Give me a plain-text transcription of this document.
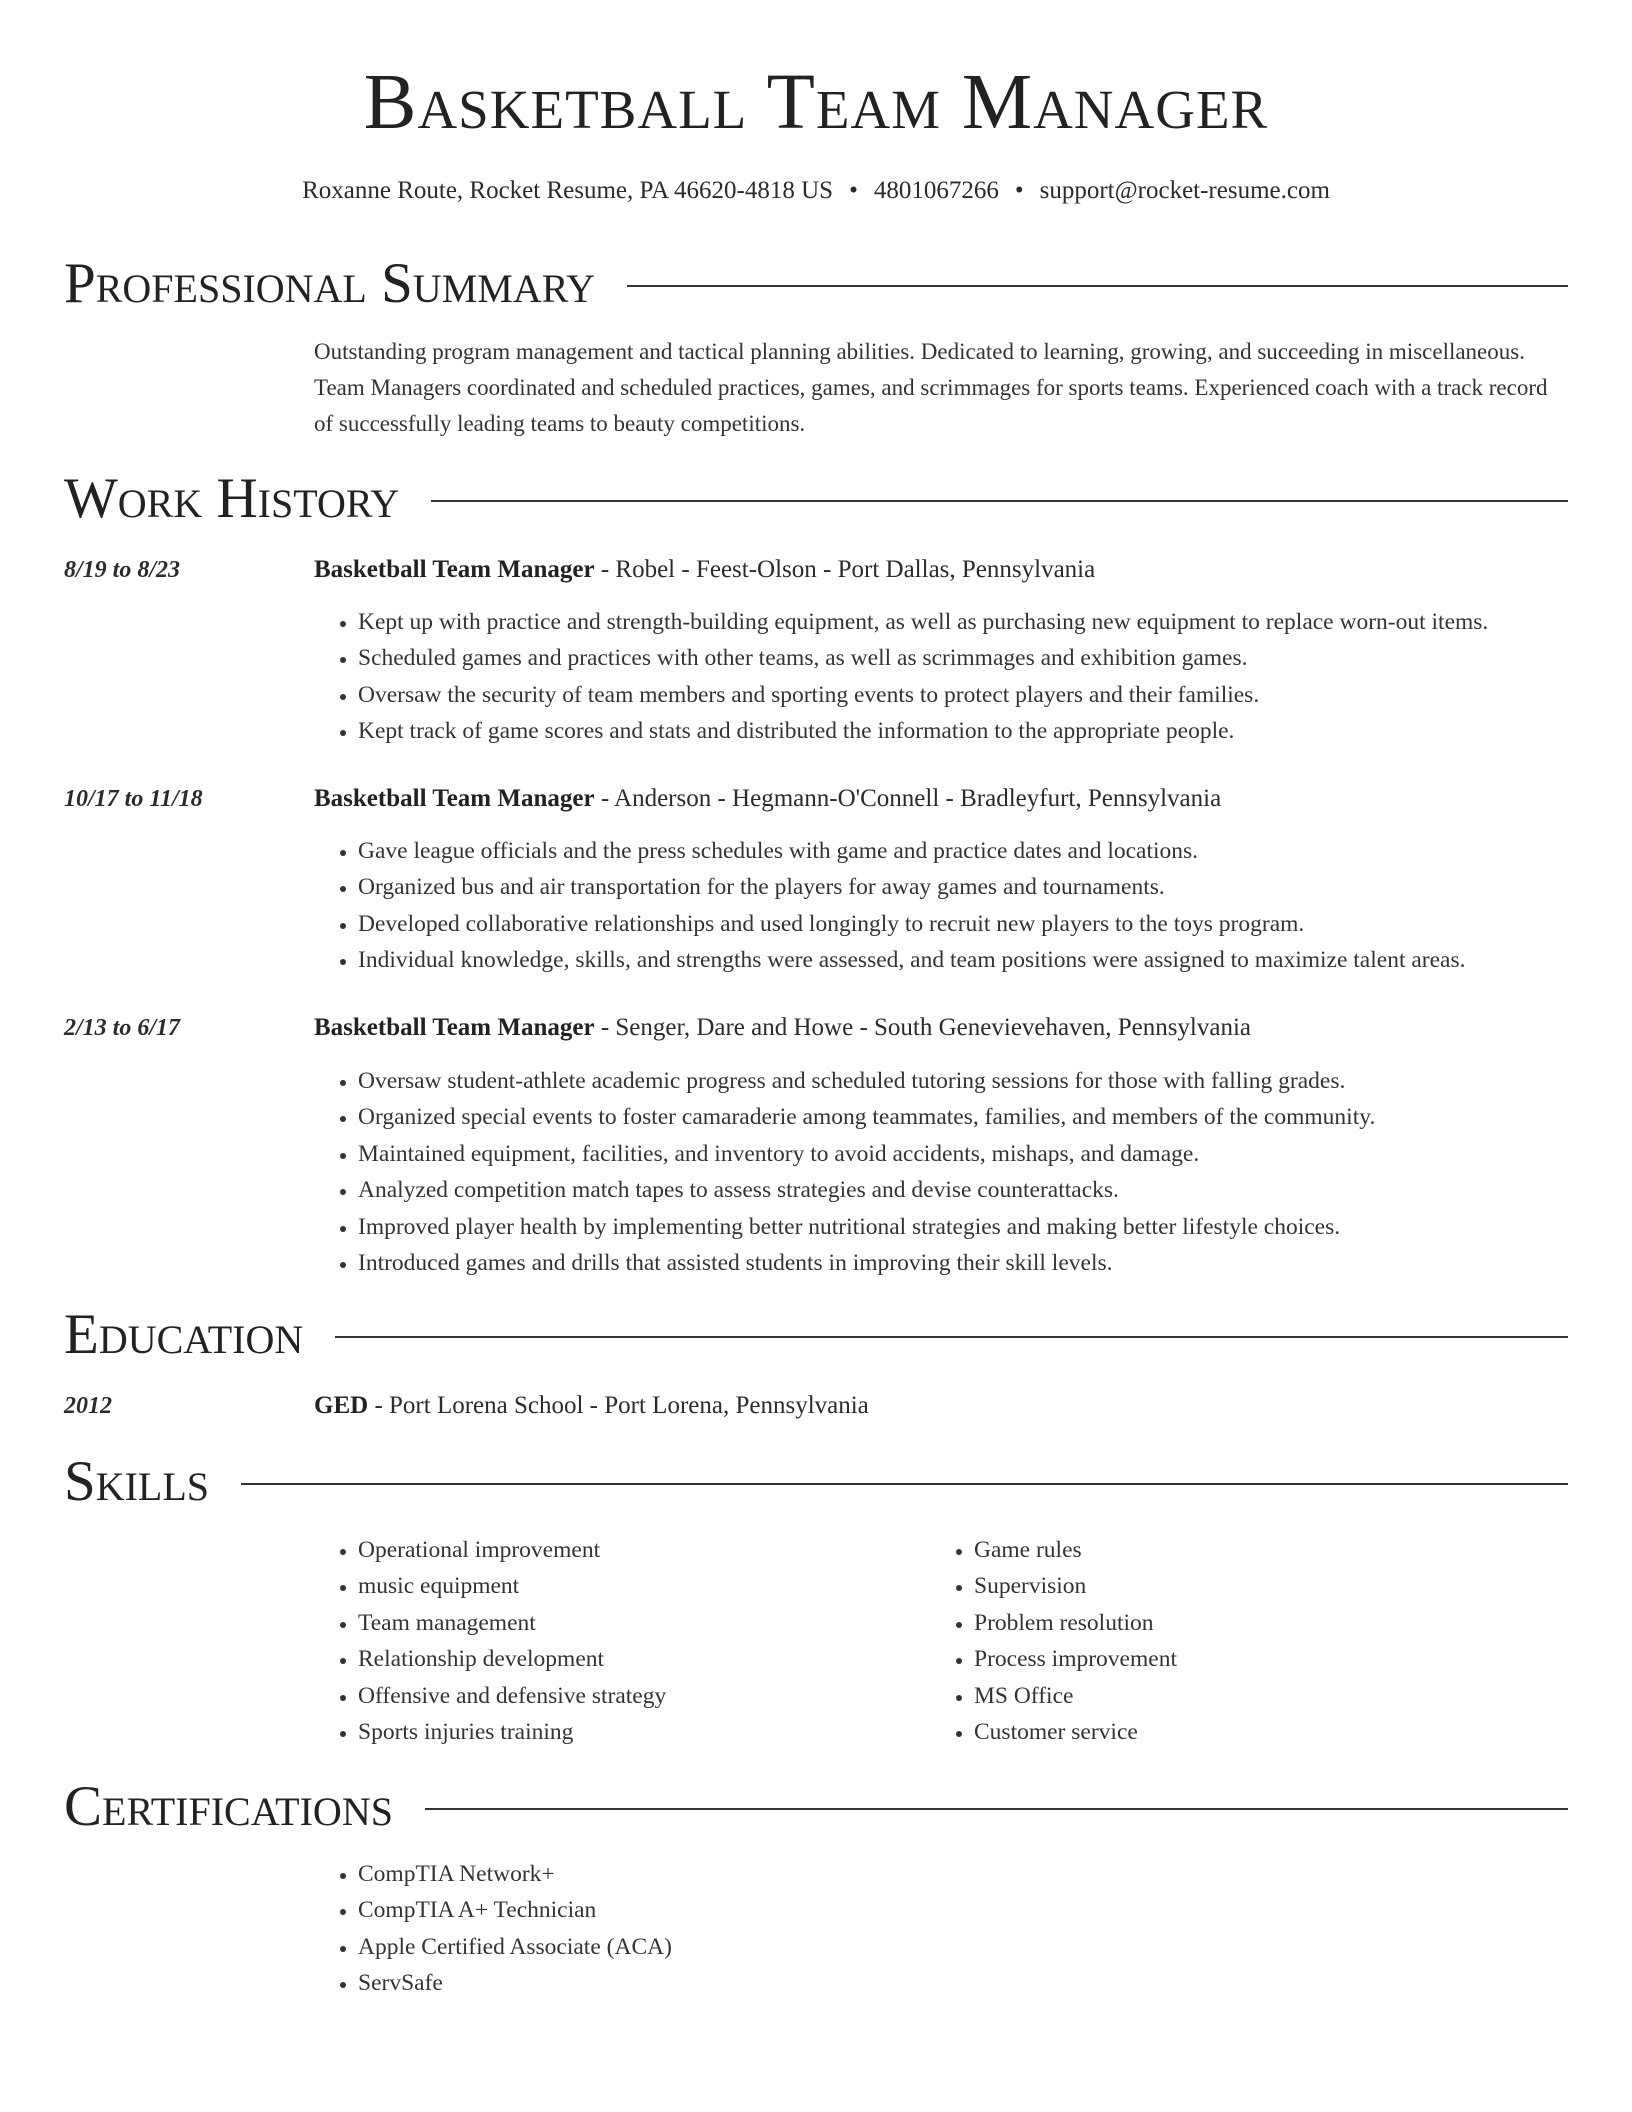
Basketball Team Manager
Roxanne Route, Rocket Resume, PA 46620-4818 US • 4801067266 • support@rocket-resume.com
Professional Summary
Outstanding program management and tactical planning abilities. Dedicated to learning, growing, and succeeding in miscellaneous. Team Managers coordinated and scheduled practices, games, and scrimmages for sports teams. Experienced coach with a track record of successfully leading teams to beauty competitions.
Work History
8/19 to 8/23	Basketball Team Manager - Robel - Feest-Olson - Port Dallas, Pennsylvania
• Kept up with practice and strength-building equipment, as well as purchasing new equipment to replace worn-out items.
• Scheduled games and practices with other teams, as well as scrimmages and exhibition games.
• Oversaw the security of team members and sporting events to protect players and their families.
• Kept track of game scores and stats and distributed the information to the appropriate people.
10/17 to 11/18	Basketball Team Manager - Anderson - Hegmann-O'Connell - Bradleyfurt, Pennsylvania
• Gave league officials and the press schedules with game and practice dates and locations.
• Organized bus and air transportation for the players for away games and tournaments.
• Developed collaborative relationships and used longingly to recruit new players to the toys program.
• Individual knowledge, skills, and strengths were assessed, and team positions were assigned to maximize talent areas.
2/13 to 6/17	Basketball Team Manager - Senger, Dare and Howe - South Genevievehaven, Pennsylvania
• Oversaw student-athlete academic progress and scheduled tutoring sessions for those with falling grades.
• Organized special events to foster camaraderie among teammates, families, and members of the community.
• Maintained equipment, facilities, and inventory to avoid accidents, mishaps, and damage.
• Analyzed competition match tapes to assess strategies and devise counterattacks.
• Improved player health by implementing better nutritional strategies and making better lifestyle choices.
• Introduced games and drills that assisted students in improving their skill levels.
Education
2012	GED - Port Lorena School - Port Lorena, Pennsylvania
Skills
• Operational improvement
• music equipment
• Team management
• Relationship development
• Offensive and defensive strategy
• Sports injuries training
• Game rules
• Supervision
• Problem resolution
• Process improvement
• MS Office
• Customer service
Certifications
• CompTIA Network+
• CompTIA A+ Technician
• Apple Certified Associate (ACA)
• ServSafe
